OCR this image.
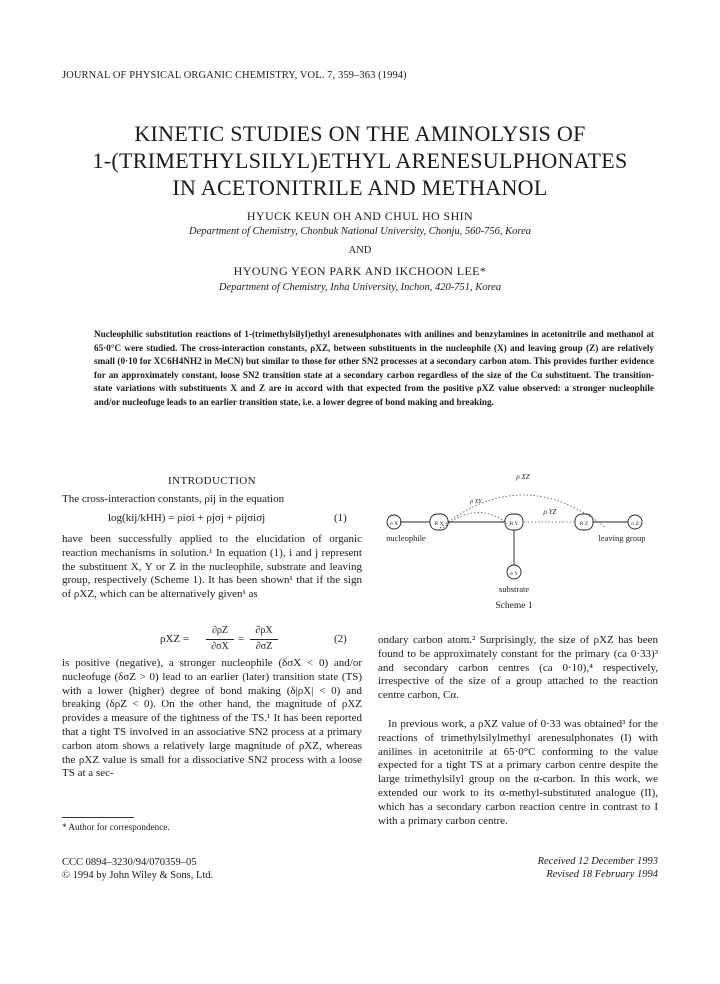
JOURNAL OF PHYSICAL ORGANIC CHEMISTRY, VOL. 7, 359–363 (1994)
KINETIC STUDIES ON THE AMINOLYSIS OF
1-(TRIMETHYLSILYL)ETHYL ARENESULPHONATES
IN ACETONITRILE AND METHANOL
HYUCK KEUN OH AND CHUL HO SHIN
Department of Chemistry, Chonbuk National University, Chonju, 560-756, Korea
AND
HYOUNG YEON PARK AND IKCHOON LEE*
Department of Chemistry, Inha University, Inchon, 420-751, Korea
Nucleophilic substitution reactions of 1-(trimethylsilyl)ethyl arenesulphonates with anilines and benzylamines in acetonitrile and methanol at 65·0°C were studied. The cross-interaction constants, ρXZ, between substituents in the nucleophile (X) and leaving group (Z) are relatively small (0·10 for XC6H4NH2 in MeCN) but similar to those for other SN2 processes at a secondary carbon atom. This provides further evidence for an approximately constant, loose SN2 transition state at a secondary carbon regardless of the size of the Cα substituent. The transition-state variations with substituents X and Z are in accord with that expected from the positive ρXZ value observed: a stronger nucleophile and/or nucleofuge leads to an earlier transition state, i.e. a lower degree of bond making and breaking.
INTRODUCTION
The cross-interaction constants, ρij in the equation
log(kij/kHH) = ρiσi + ρjσj + ρijσiσj	(1)
have been successfully applied to the elucidation of organic reaction mechanisms in solution.¹ In equation (1), i and j represent the substituent X, Y or Z in the nucleophile, substrate and leaving group, respectively (Scheme 1). It has been shown¹ that if the sign of ρXZ, which can be alternatively given¹ as
ρXZ =
∂ρZ
∂σX
=
∂ρX
∂σZ
(2)
is positive (negative), a stronger nucleophile (δσX < 0) and/or nucleofuge (δσZ > 0) lead to an earlier (later) transition state (TS) with a lower (higher) degree of bond making (δ|ρX| < 0) and breaking (δρZ < 0). On the other hand, the magnitude of ρXZ provides a measure of the tightness of the TS.¹ It has been reported that a tight TS involved in an associative SN2 process at a primary carbon atom shows a relatively large magnitude of ρXZ, whereas the ρXZ value is small for a dissociative SN2 process with a loose TS at a sec-
* Author for correspondence.
CCC 0894–3230/94/070359–05
© 1994 by John Wiley & Sons, Ltd.
ρ XZ
ρ XY
ρ YZ
σ X	R X	R Y	R Z	σ Z
σ Y
nucleophile	leaving group
substrate
Scheme 1
ondary carbon atom.² Surprisingly, the size of ρXZ has been found to be approximately constant for the primary (ca 0·33)³ and secondary carbon centres (ca 0·10),⁴ respectively, irrespective of the size of a group attached to the reaction centre carbon, Cα.
In previous work, a ρXZ value of 0·33 was obtained³ for the reactions of trimethylsilylmethyl arenesulphonates (I) with anilines in acetonitrile at 65·0°C conforming to the value expected for a tight TS at a primary carbon centre despite the large trimethylsilyl group on the α-carbon. In this work, we extended our work to its α-methyl-substituted analogue (II), which has a secondary carbon reaction centre in contrast to I with a primary carbon centre.
Received 12 December 1993
Revised 18 February 1994
